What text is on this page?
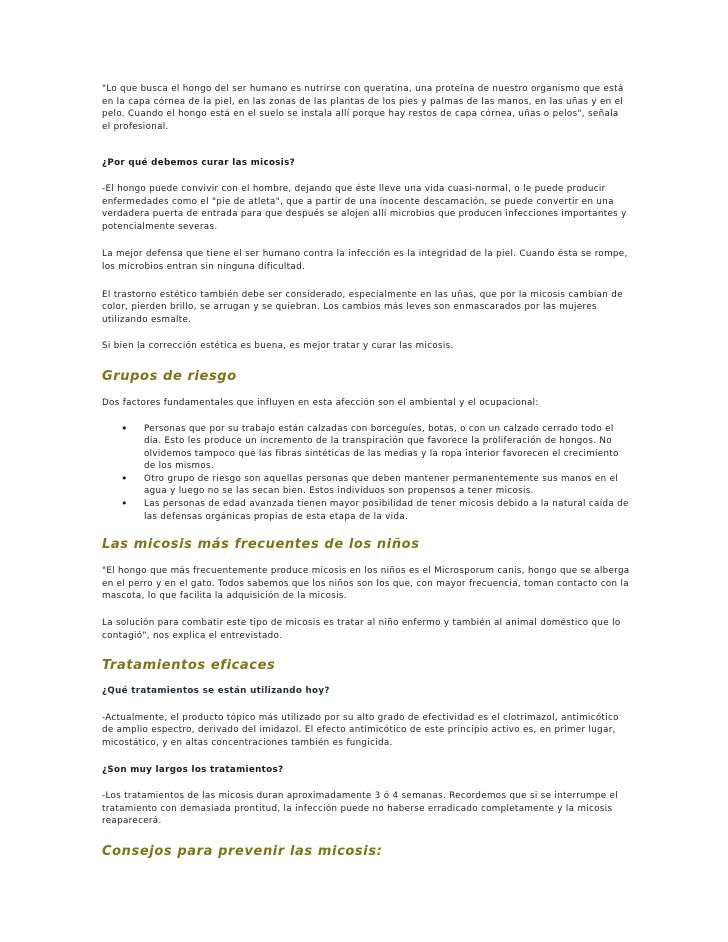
"Lo que busca el hongo del ser humano es nutrirse con queratina, una proteína de nuestro organismo que está en la capa córnea de la piel, en las zonas de las plantas de los pies y palmas de las manos, en las uñas y en el pelo. Cuando el hongo está en el suelo se instala allí porque hay restos de capa córnea, uñas o pelos", señala el profesional.

¿Por qué debemos curar las micosis?

-El hongo puede convivir con el hombre, dejando que éste lleve una vida cuasi-normal, o le puede producir enfermedades como el "pie de atleta", que a partir de una inocente descamación, se puede convertir en una verdadera puerta de entrada para que después se alojen allí microbios que producen infecciones importantes y potencialmente severas.

La mejor defensa que tiene el ser humano contra la infección es la integridad de la piel. Cuando ésta se rompe, los microbios entran sin ninguna dificultad.

El trastorno estético también debe ser considerado, especialmente en las uñas, que por la micosis cambian de color, pierden brillo, se arrugan y se quiebran. Los cambios más leves son enmascarados por las mujeres utilizando esmalte.

Si bien la corrección estética es buena, es mejor tratar y curar las micosis.

Grupos de riesgo

Dos factores fundamentales que influyen en esta afección son el ambiental y el ocupacional:

• Personas que por su trabajo están calzadas con borceguíes, botas, o con un calzado cerrado todo el día. Esto les produce un incremento de la transpiración que favorece la proliferación de hongos. No olvidemos tampoco que las fibras sintéticas de las medias y la ropa interior favorecen el crecimiento de los mismos.
• Otro grupo de riesgo son aquellas personas que deben mantener permanentemente sus manos en el agua y luego no se las secan bien. Estos individuos son propensos a tener micosis.
• Las personas de edad avanzada tienen mayor posibilidad de tener micosis debido a la natural caída de las defensas orgánicas propias de esta etapa de la vida.
Las micosis más frecuentes de los niños

"El hongo que más frecuentemente produce micosis en los niños es el Microsporum canis, hongo que se alberga en el perro y en el gato. Todos sabemos que los niños son los que, con mayor frecuencia, toman contacto con la mascota, lo que facilita la adquisición de la micosis.

La solución para combatir este tipo de micosis es tratar al niño enfermo y también al animal doméstico que lo contagió", nos explica el entrevistado.

Tratamientos eficaces

¿Qué tratamientos se están utilizando hoy?

-Actualmente, el producto tópico más utilizado por su alto grado de efectividad es el clotrimazol, antimicótico de amplio espectro, derivado del imidazol. El efecto antimicótico de este principio activo es, en primer lugar, micostático, y en altas concentraciones también es fungicida.

¿Son muy largos los tratamientos?

-Los tratamientos de las micosis duran aproximadamente 3 ó 4 semanas. Recordemos que si se interrumpe el tratamiento con demasiada prontitud, la infección puede no haberse erradicado completamente y la micosis reaparecerá.

Consejos para prevenir las micosis:
